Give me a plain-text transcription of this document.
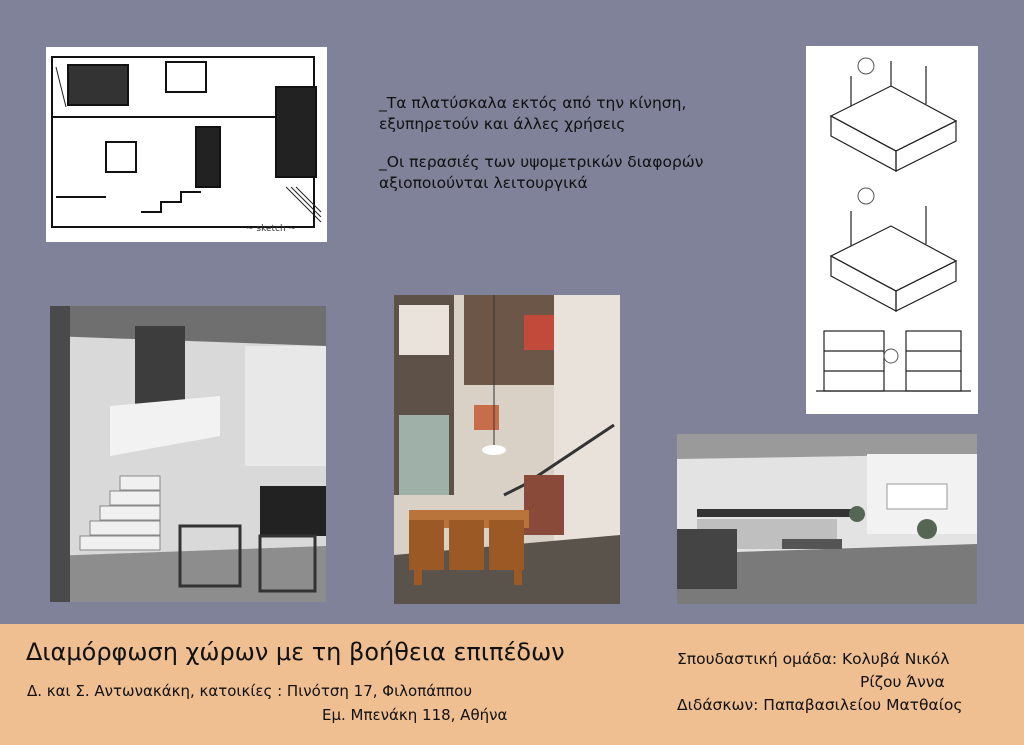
~ sketch ~

_Τα πλατύσκαλα εκτός από την κίνηση,
εξυπηρετούν και άλλες χρήσεις

_Οι περασιές των υψομετρικών διαφορών
αξιοποιούνται λειτουργικά

Διαμόρφωση χώρων με τη βοήθεια επιπέδων
Δ. και Σ. Αντωνακάκη, κατοικίες : Πινότση 17, Φιλοπάππου
Εμ. Μπενάκη 118, Αθήνα
Σπουδαστική ομάδα: Κολυβά Νικόλ
Ρίζου Άννα
Διδάσκων: Παπαβασιλείου Ματθαίος
